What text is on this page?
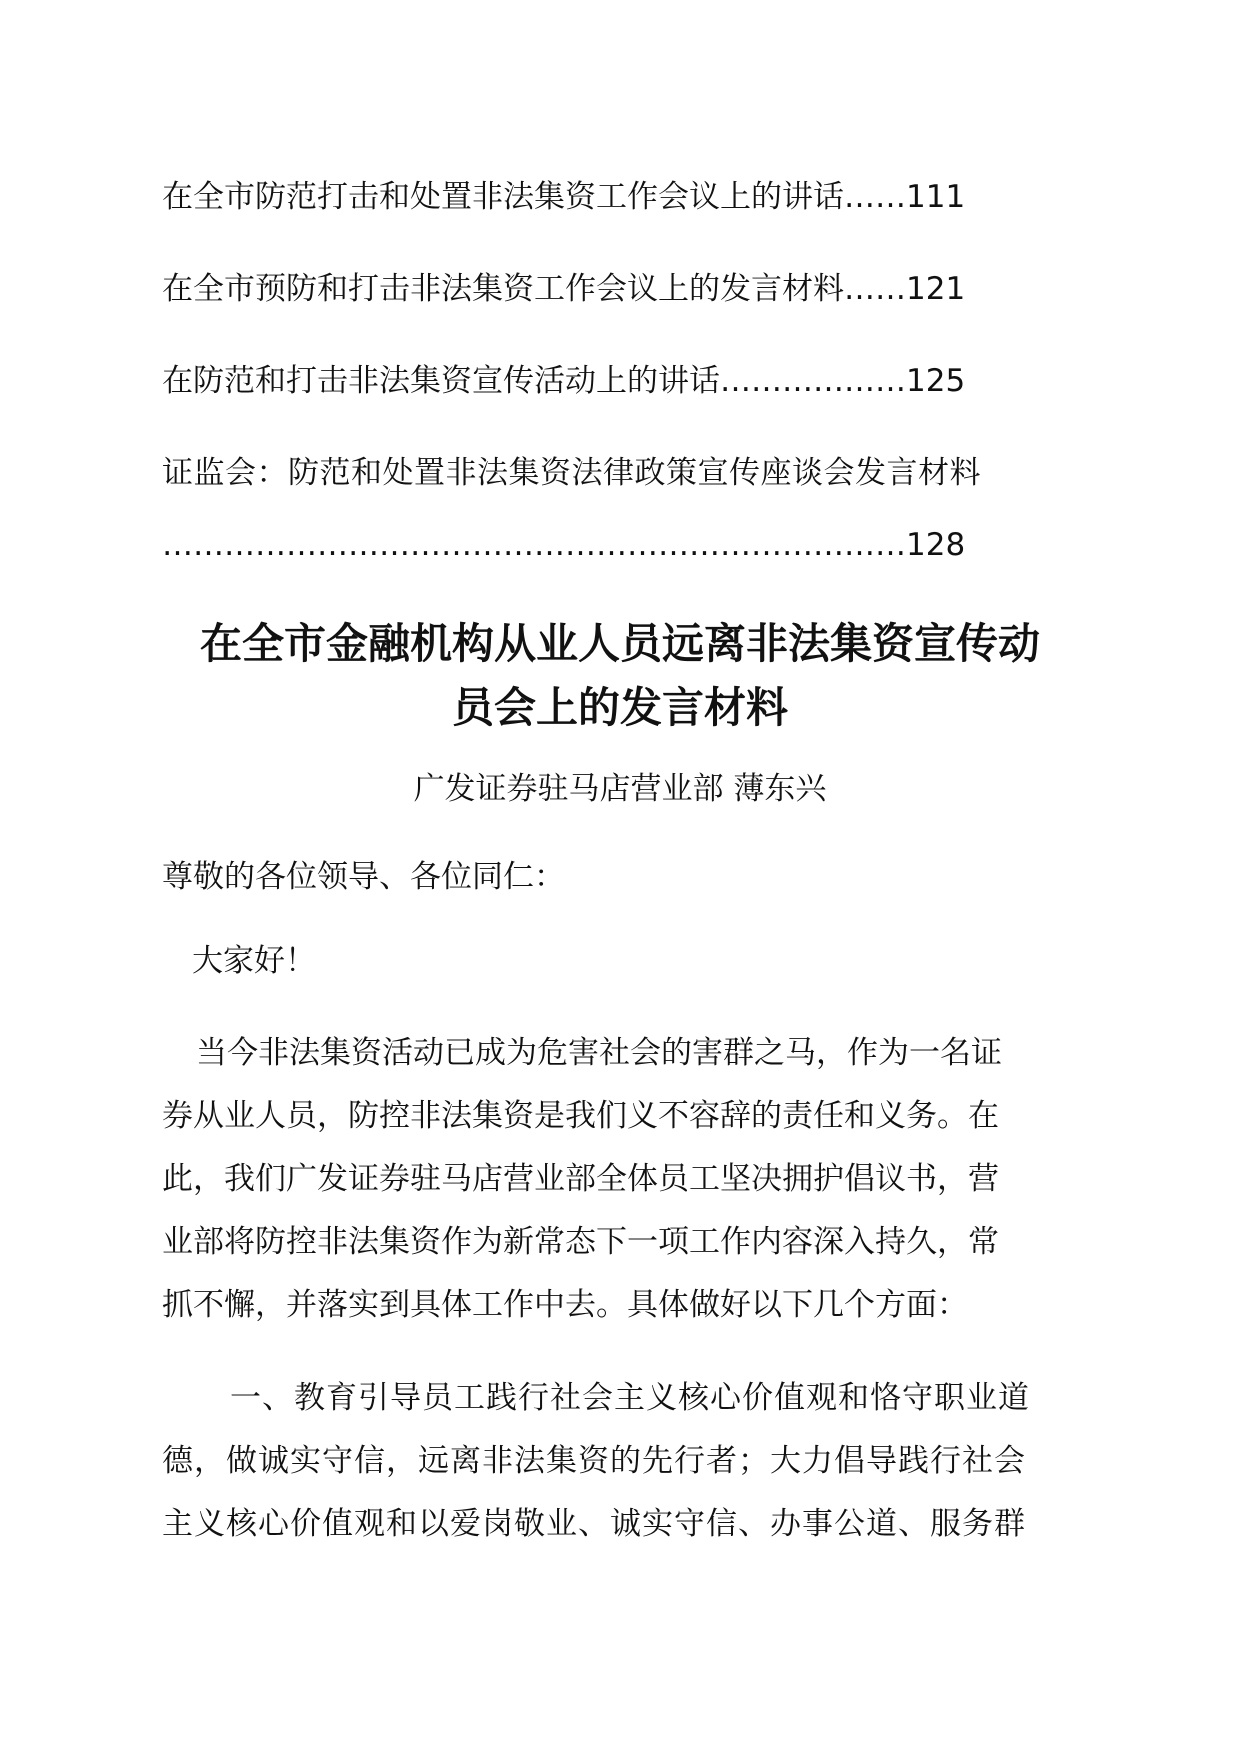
在全市防范打击和处置非法集资工作会议上的讲话……111
在全市预防和打击非法集资工作会议上的发言材料……121
在防范和打击非法集资宣传活动上的讲话………………125
证监会：防范和处置非法集资法律政策宣传座谈会发言材料
………………………………………………………………128
在全市金融机构从业人员远离非法集资宣传动
员会上的发言材料
广发证券驻马店营业部 薄东兴
尊敬的各位领导、各位同仁：
大家好！
当今非法集资活动已成为危害社会的害群之马，作为一名证
券从业人员，防控非法集资是我们义不容辞的责任和义务。在
此，我们广发证券驻马店营业部全体员工坚决拥护倡议书，营
业部将防控非法集资作为新常态下一项工作内容深入持久，常
抓不懈，并落实到具体工作中去。具体做好以下几个方面：
一、教育引导员工践行社会主义核心价值观和恪守职业道
德，做诚实守信，远离非法集资的先行者；大力倡导践行社会
主义核心价值观和以爱岗敬业、诚实守信、办事公道、服务群
